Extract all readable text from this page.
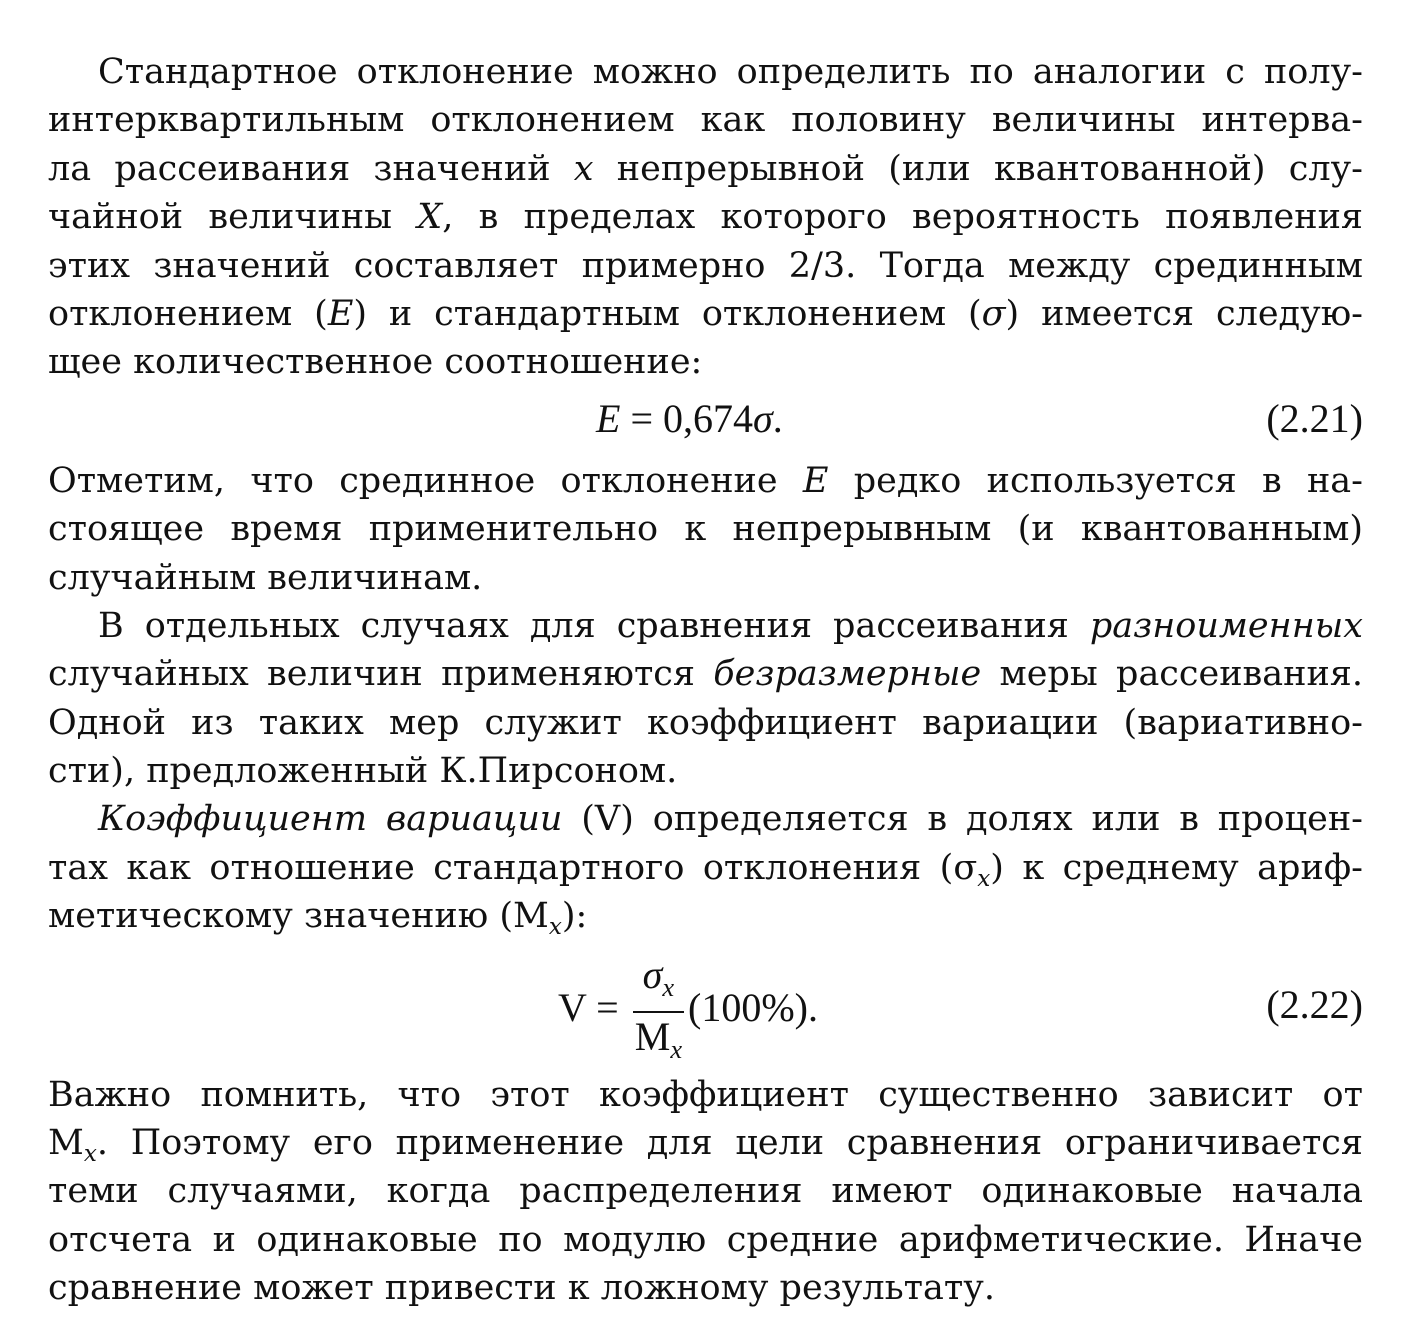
Стандартное отклонение можно определить по аналогии с полу-
интерквартильным отклонением как половину величины интерва-
ла рассеивания значений x непрерывной (или квантованной) слу-
чайной величины X, в пределах которого вероятность появления
этих значений составляет примерно 2/3. Тогда между срединным
отклонением (E) и стандартным отклонением (σ) имеется следую-
щее количественное соотношение:
E = 0,674σ.	(2.21)
Отметим, что срединное отклонение E редко используется в на-
стоящее время применительно к непрерывным (и квантованным)
случайным величинам.
В отдельных случаях для сравнения рассеивания разноименных
случайных величин применяются безразмерные меры рассеивания.
Одной из таких мер служит коэффициент вариации (вариативно-
сти), предложенный К.Пирсоном.
Коэффициент вариации (V) определяется в долях или в процен-
тах как отношение стандартного отклонения $(\sigma_x)$ к среднему ариф-
метическому значению $(M_x)$:
$V = \frac{\sigma_x}{M_x} (100\%)$.	(2.22)
Важно помнить, что этот коэффициент существенно зависит от
$M_x$. Поэтому его применение для цели сравнения ограничивается
теми случаями, когда распределения имеют одинаковые начала
отсчета и одинаковые по модулю средние арифметические. Иначе
сравнение может привести к ложному результату.
